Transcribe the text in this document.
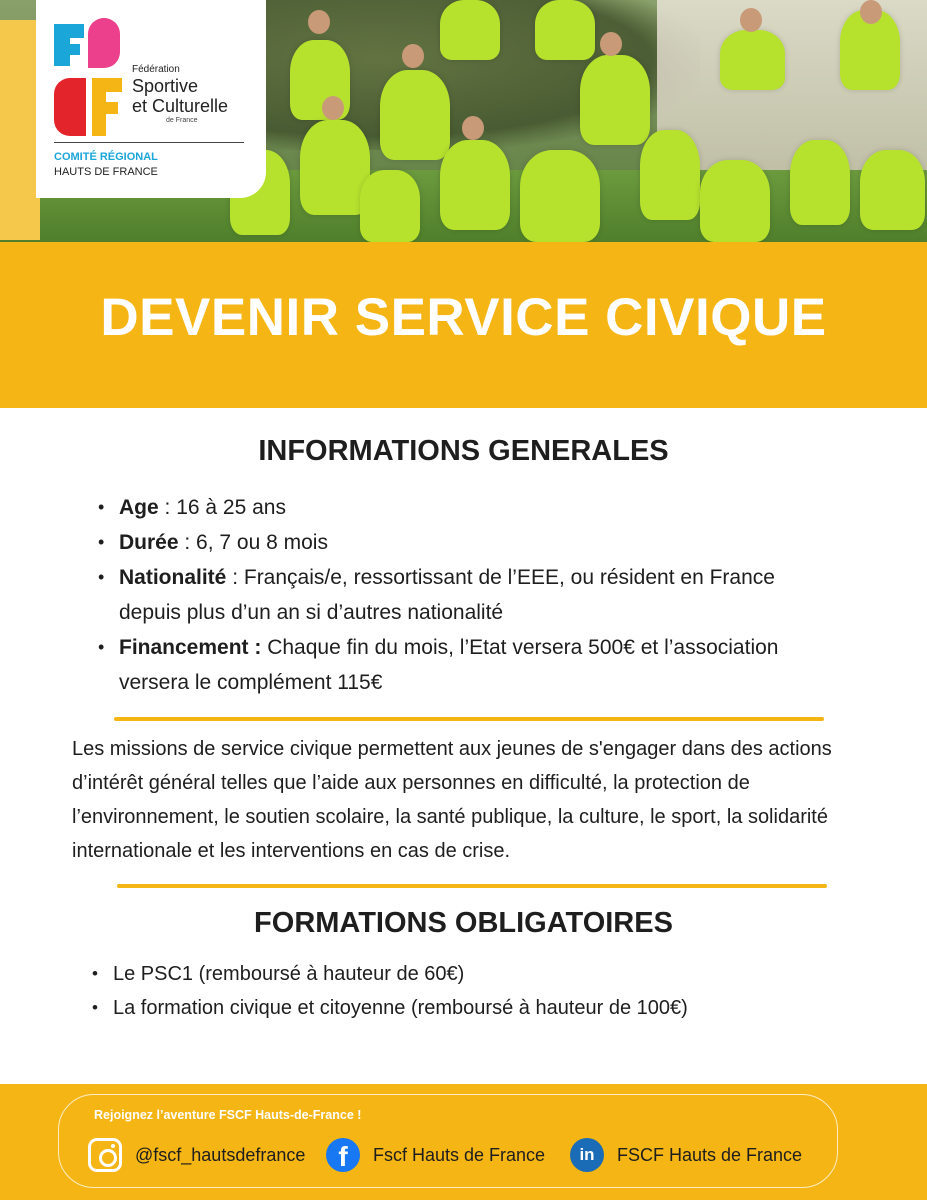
Fédération
Sportive
et Culturelle
de France
COMITÉ RÉGIONAL
HAUTS DE FRANCE
DEVENIR SERVICE CIVIQUE
INFORMATIONS GENERALES
• Age : 16 à 25 ans
• Durée : 6, 7 ou 8 mois
• Nationalité : Français/e, ressortissant de l’EEE, ou résident en France depuis plus d’un an si d’autres nationalité
• Financement : Chaque fin du mois, l’Etat versera 500€ et l’association versera le complément 115€
Les missions de service civique permettent aux jeunes de s'engager dans des actions d’intérêt général telles que l’aide aux personnes en difficulté, la protection de l’environnement, le soutien scolaire, la santé publique, la culture, le sport, la solidarité internationale et les interventions en cas de crise.
FORMATIONS OBLIGATOIRES
• Le PSC1 (remboursé à hauteur de 60€)
• La formation civique et citoyenne (remboursé à hauteur de 100€)
Rejoignez l’aventure FSCF Hauts-de-France !
@fscf_hautsdefrance	f	Fscf Hauts de France	in	FSCF Hauts de France
